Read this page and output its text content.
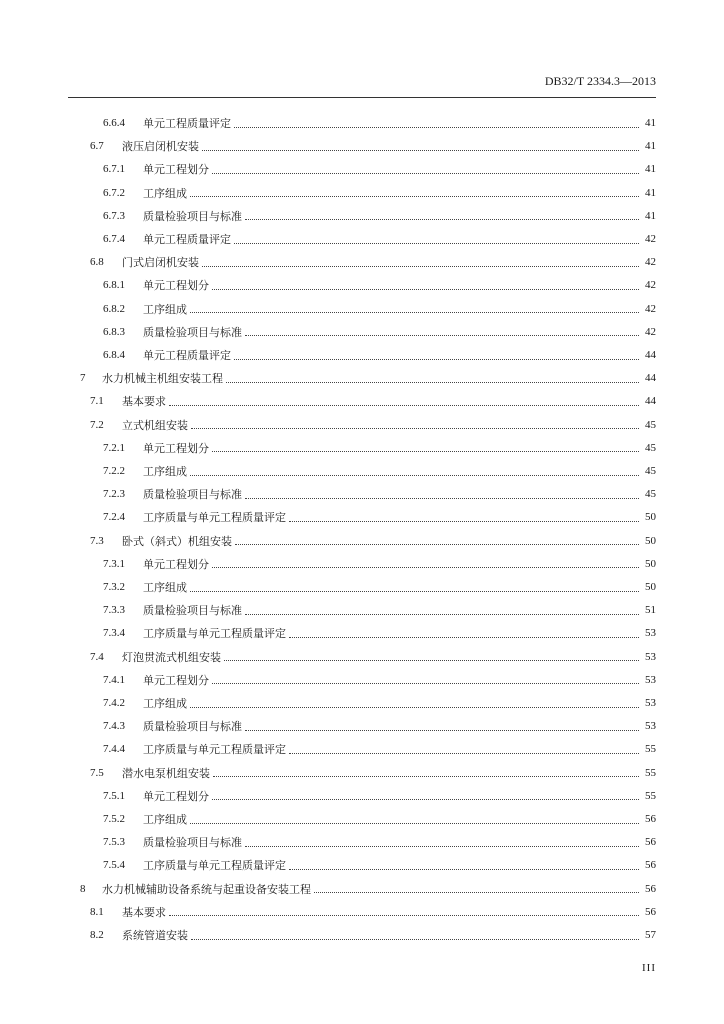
DB32/T 2334.3—2013
6.6.4	单元工程质量评定	41
6.7	液压启闭机安装	41
6.7.1	单元工程划分	41
6.7.2	工序组成	41
6.7.3	质量检验项目与标准	41
6.7.4	单元工程质量评定	42
6.8	门式启闭机安装	42
6.8.1	单元工程划分	42
6.8.2	工序组成	42
6.8.3	质量检验项目与标准	42
6.8.4	单元工程质量评定	44
7	水力机械主机组安装工程	44
7.1	基本要求	44
7.2	立式机组安装	45
7.2.1	单元工程划分	45
7.2.2	工序组成	45
7.2.3	质量检验项目与标准	45
7.2.4	工序质量与单元工程质量评定	50
7.3	卧式（斜式）机组安装	50
7.3.1	单元工程划分	50
7.3.2	工序组成	50
7.3.3	质量检验项目与标准	51
7.3.4	工序质量与单元工程质量评定	53
7.4	灯泡贯流式机组安装	53
7.4.1	单元工程划分	53
7.4.2	工序组成	53
7.4.3	质量检验项目与标准	53
7.4.4	工序质量与单元工程质量评定	55
7.5	潜水电泵机组安装	55
7.5.1	单元工程划分	55
7.5.2	工序组成	56
7.5.3	质量检验项目与标准	56
7.5.4	工序质量与单元工程质量评定	56
8	水力机械辅助设备系统与起重设备安装工程	56
8.1	基本要求	56
8.2	系统管道安装	57
III
